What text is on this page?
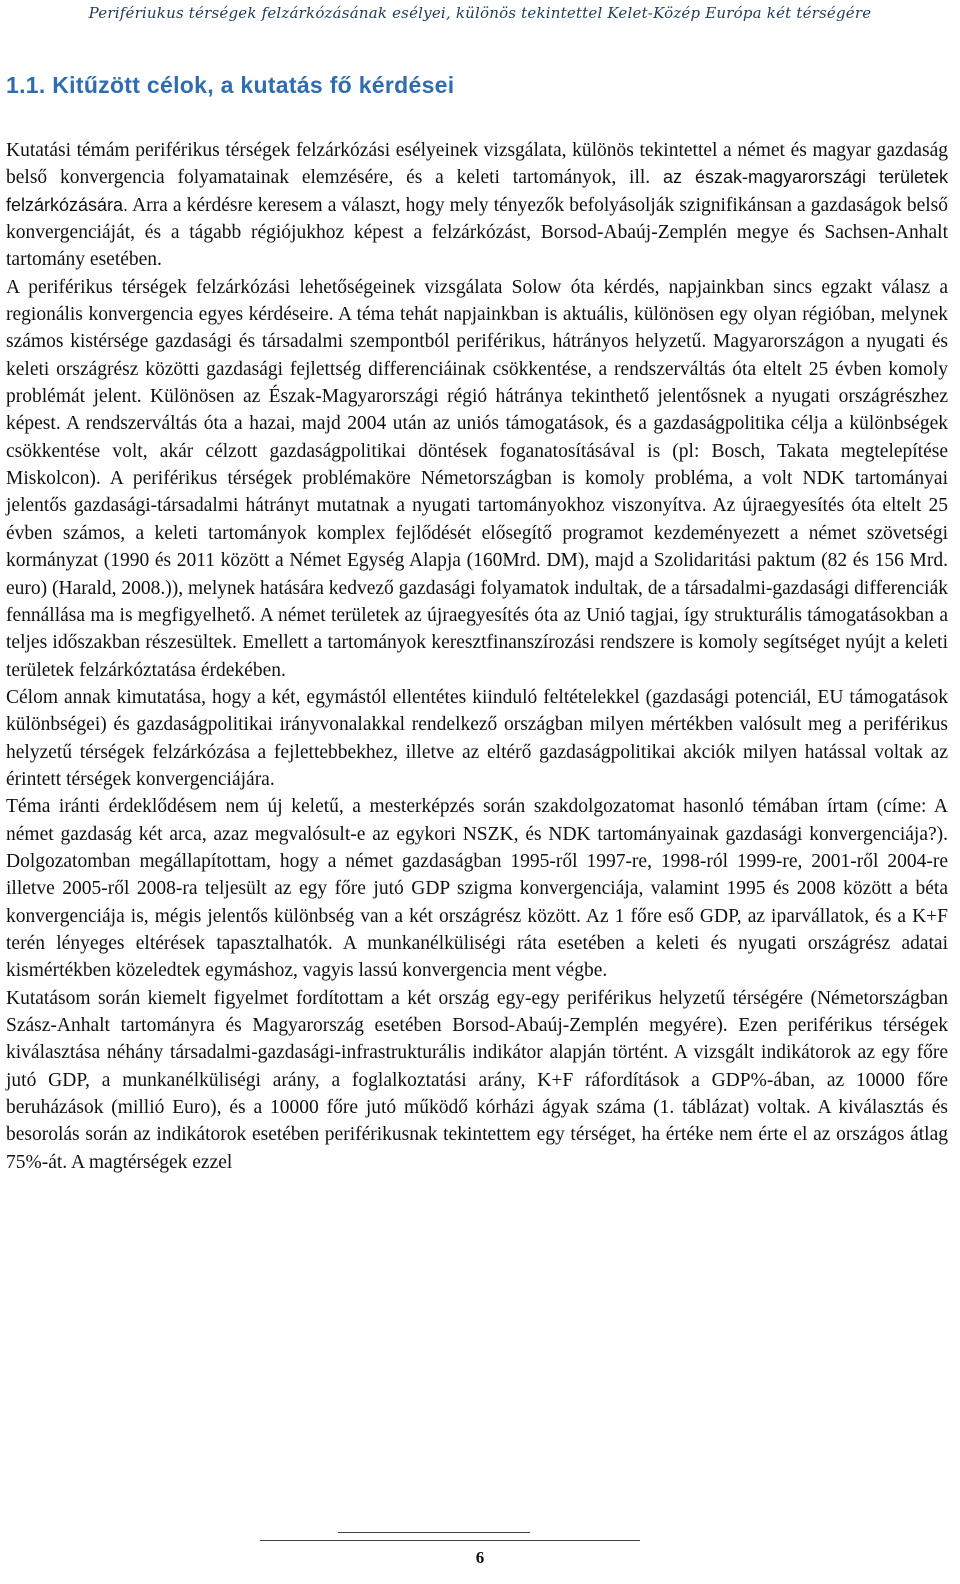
Perifériukus térségek felzárkózásának esélyei, különös tekintettel Kelet-Közép Európa két térségére
1.1. Kitűzött célok, a kutatás fő kérdései

Kutatási témám periférikus térségek felzárkózási esélyeinek vizsgálata, különös tekintettel a német és magyar gazdaság belső konvergencia folyamatainak elemzésére, és a keleti tartományok, ill. az észak-magyarországi területek felzárkózására. Arra a kérdésre keresem a választ, hogy mely tényezők befolyásolják szignifikánsan a gazdaságok belső konvergenciáját, és a tágabb régiójukhoz képest a felzárkózást, Borsod-Abaúj-Zemplén megye és Sachsen-Anhalt tartomány esetében.

A periférikus térségek felzárkózási lehetőségeinek vizsgálata Solow óta kérdés, napjainkban sincs egzakt válasz a regionális konvergencia egyes kérdéseire. A téma tehát napjainkban is aktuális, különösen egy olyan régióban, melynek számos kistérsége gazdasági és társadalmi szempontból periférikus, hátrányos helyzetű. Magyarországon a nyugati és keleti országrész közötti gazdasági fejlettség differenciáinak csökkentése, a rendszerváltás óta eltelt 25 évben komoly problémát jelent. Különösen az Észak-Magyarországi régió hátránya tekinthető jelentősnek a nyugati országrészhez képest. A rendszerváltás óta a hazai, majd 2004 után az uniós támogatások, és a gazdaságpolitika célja a különbségek csökkentése volt, akár célzott gazdaságpolitikai döntések foganatosításával is (pl: Bosch, Takata megtelepítése Miskolcon). A periférikus térségek problémaköre Németországban is komoly probléma, a volt NDK tartományai jelentős gazdasági-társadalmi hátrányt mutatnak a nyugati tartományokhoz viszonyítva. Az újraegyesítés óta eltelt 25 évben számos, a keleti tartományok komplex fejlődését elősegítő programot kezdeményezett a német szövetségi kormányzat (1990 és 2011 között a Német Egység Alapja (160Mrd. DM), majd a Szolidaritási paktum (82 és 156 Mrd. euro) (Harald, 2008.)), melynek hatására kedvező gazdasági folyamatok indultak, de a társadalmi-gazdasági differenciák fennállása ma is megfigyelhető. A német területek az újraegyesítés óta az Unió tagjai, így strukturális támogatásokban a teljes időszakban részesültek. Emellett a tartományok keresztfinanszírozási rendszere is komoly segítséget nyújt a keleti területek felzárkóztatása érdekében.

Célom annak kimutatása, hogy a két, egymástól ellentétes kiinduló feltételekkel (gazdasági potenciál, EU támogatások különbségei) és gazdaságpolitikai irányvonalakkal rendelkező országban milyen mértékben valósult meg a periférikus helyzetű térségek felzárkózása a fejlettebbekhez, illetve az eltérő gazdaságpolitikai akciók milyen hatással voltak az érintett térségek konvergenciájára.

Téma iránti érdeklődésem nem új keletű, a mesterképzés során szakdolgozatomat hasonló témában írtam (címe: A német gazdaság két arca, azaz megvalósult-e az egykori NSZK, és NDK tartományainak gazdasági konvergenciája?). Dolgozatomban megállapítottam, hogy a német gazdaságban 1995-ről 1997-re, 1998-ról 1999-re, 2001-ről 2004-re illetve 2005-ről 2008-ra teljesült az egy főre jutó GDP szigma konvergenciája, valamint 1995 és 2008 között a béta konvergenciája is, mégis jelentős különbség van a két országrész között. Az 1 főre eső GDP, az iparvállatok, és a K+F terén lényeges eltérések tapasztalhatók. A munkanélküliségi ráta esetében a keleti és nyugati országrész adatai kismértékben közeledtek egymáshoz, vagyis lassú konvergencia ment végbe.

Kutatásom során kiemelt figyelmet fordítottam a két ország egy-egy periférikus helyzetű térségére (Németországban Szász-Anhalt tartományra és Magyarország esetében Borsod-Abaúj-Zemplén megyére). Ezen periférikus térségek kiválasztása néhány társadalmi-gazdasági-infrastrukturális indikátor alapján történt. A vizsgált indikátorok az egy főre jutó GDP, a munkanélküliségi arány, a foglalkoztatási arány, K+F ráfordítások a GDP%-ában, az 10000 főre beruházások (millió Euro), és a 10000 főre jutó működő kórházi ágyak száma (1. táblázat) voltak. A kiválasztás és besorolás során az indikátorok esetében periférikusnak tekintettem egy térséget, ha értéke nem érte el az országos átlag 75%-át. A magtérségek ezzel

6
